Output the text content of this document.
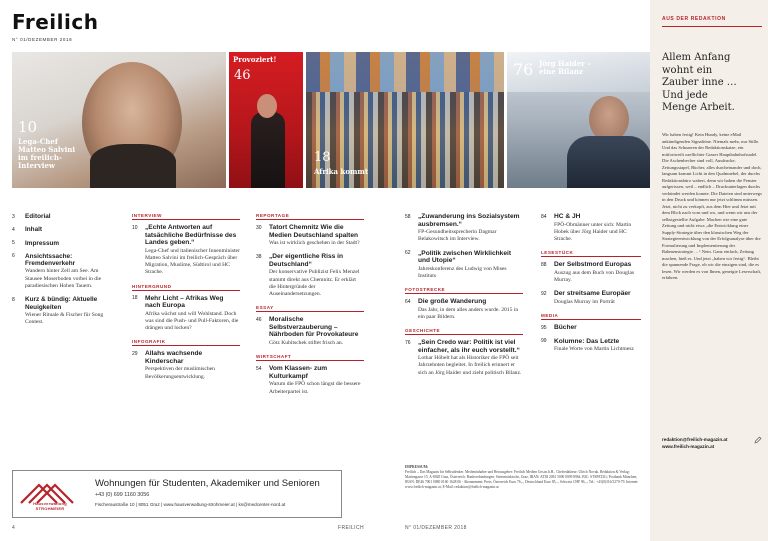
Freilich
N° 01/DEZEMBER 2018
10
Lega-Chef
Matteo Salvini
im freilich-
Interview
Provoziert!
46
18
Afrika kommt
76 Jörg Haider –
eine Bilanz
3	Editorial
4	Inhalt
5	Impressum
6	Ansichtssache: Fremdenverkehr
Wandern hinter Zell am See. Am Stausee Moserboden vorbei in die paradiesischen Hohen Tauern.
8	Kurz & bündig: Aktuelle Neuigkeiten
Wiener Rituale & Fischer für Song Contest.
INTERVIEW
10	„Echte Antworten auf tatsächliche Bedürfnisse des Landes geben.“
Lega-Chef und italienischer Innenminister Matteo Salvini im freilich-Gespräch über Migration, Muslime, Südtirol und HC Strache.
HINTERGRUND
18	Mehr Licht – Afrikas Weg nach Europa
Afrika wächst und will Wohlstand. Doch was sind die Push- und Pull-Faktoren, die drängen und locken?
INFOGRAFIK
29	Allahs wachsende Kinderschar
Perspektiven der muslimischen Bevölkerungsentwicklung.
REPORTAGE
30	Tatort Chemnitz Wie die Medien Deutschland spalten
Was ist wirklich geschehen in der Stadt?
38	„Der eigentliche Riss in Deutschland“
Der konservative Publizist Felix Menzel stammt direkt aus Chemnitz. Er erklärt die Hintergründe der Auseinandersetzungen.
ESSAY
46	Moralische Selbstverzauberung – Nährboden für Provokateure
Götz Kubitschek stiftet frisch an.
WIRTSCHAFT
54	Vom Klassen- zum Kulturkampf
Warum die FPÖ schon längst die bessere Arbeiterpartei ist.
58	„Zuwanderung ins Sozialsystem ausbremsen.“
FP-Gesundheitssprecherin Dagmar Belakowitsch im Interview.
62	„Politik zwischen Wirklichkeit und Utopie“
Jahreskonferenz des Ludwig von Mises Instituts
FOTOSTRECKE
64	Die große Wanderung
Das Jahr, in dem alles anders wurde. 2015 in ein paar Bildern.
GESCHICHTE
76	„Sein Credo war: Politik ist viel einfacher, als ihr euch vorstellt.“
Lothar Höbelt hat als Historiker die FPÖ seit Jahrzehnten begleitet. In freilich erinnert er sich an Jörg Haider und zieht politisch Bilanz.
84	HC & JH
FPÖ-Obmänner unter sich: Martin Hobek über Jörg Haider und HC Strache.
LESESTÜCK
88	Der Selbstmord Europas
Auszug aus dem Buch von Douglas Murray.
92	Der streitsame Europäer
Douglas Murray im Porträt
MEDIA
95	Bücher
99	Kolumne: Das Letzte
Finale Worte von Martin Lichtmesz
Hausverwaltung
STROHMEIER
Wohnungen für Studenten, Akademiker und Senioren
+43 (0) 699 1160 3056
Fischeraustraße 10 | 8051 Graz | www.hausverwaltung-strohmeier.at | ks@medcenter-nord.at
IMPRESSUM:
Freilich – Das Magazin für Selbstdenker. Medieninhaber und Herausgeber: Freilich Medien Ges.m.b.H., Chefredakteur: Ulrich Novak. Redaktion & Verlag: Mariengasse 15, A-8020 Graz, Österreich. Bankverbindungen: Steiermärkische, Graz, IBAN: AT38 2081 5000 0009 8964, BIC: STSPAT2G; Postbank München, IBAN: DE46 7001 0080 0160 1628 06 - Abonnement: Preis: Österreich Euro 76,–, Deutschland Euro 85,–, Schweiz CHF 96,–, Tel.: +43(0)316/3270-79. Internet: www.freilich-magazin.at, E-Mail: redaktion@freilich-magazin.at
4	FREILICH	N° 01/DEZEMBER 2018
AUS DER REDAKTION
Allem Anfang
wohnt ein
Zauber inne …
Und jede
Menge Arbeit.
Wir haben fertig! Kein Hundy, keine eMail ankündigenden Signaltöne. Niemals mehr, nur Stille. Und das Schnarren der Redaktionskatze, ein mitfortweilt ozellichter Grazer Hauptbahnhofstadel. Die Aschenbecher sind voll, Ausdrucke, Zeitungsstapel, Bücher, alles durcheinander und doch, langsam kommt Licht in den Qualmnebel, der durchs Redaktionsbüro wabert, denn wir haben die Fenster aufgerissen, weil – endlich – Druckunterlagen durchs verkündet werden konnte. Die Dateien sind unterwegs in den Druck und können nur jetzt schlimm müssen. Jetzt, nicht zu verkopft, aus dem Hier und Jetzt mit dem Blick nach vorn und wo, und wenn wir uns der selbstgestellte Aufgabe. Machen wie eine gute Zeitung und nicht etwa „die Entwicklung einer Supply-Strategie über den klassischen Weg der Strategieentwicklung von der Erfolgsanalyse über die Formulierung und Implementierung der Rahmenstrategie …“ Nein. Ganz einfach, Zeitung machen, hieß es. Und jetzt „haben wir fertig“. Bleibt die spannende Frage, ob wir die einzigen sind, die es lesen. Wir werden es von Ihnen, geneigte Leserschaft, erfahren.
redaktion@freilich-magazin.at
www.freilich-magazin.at
